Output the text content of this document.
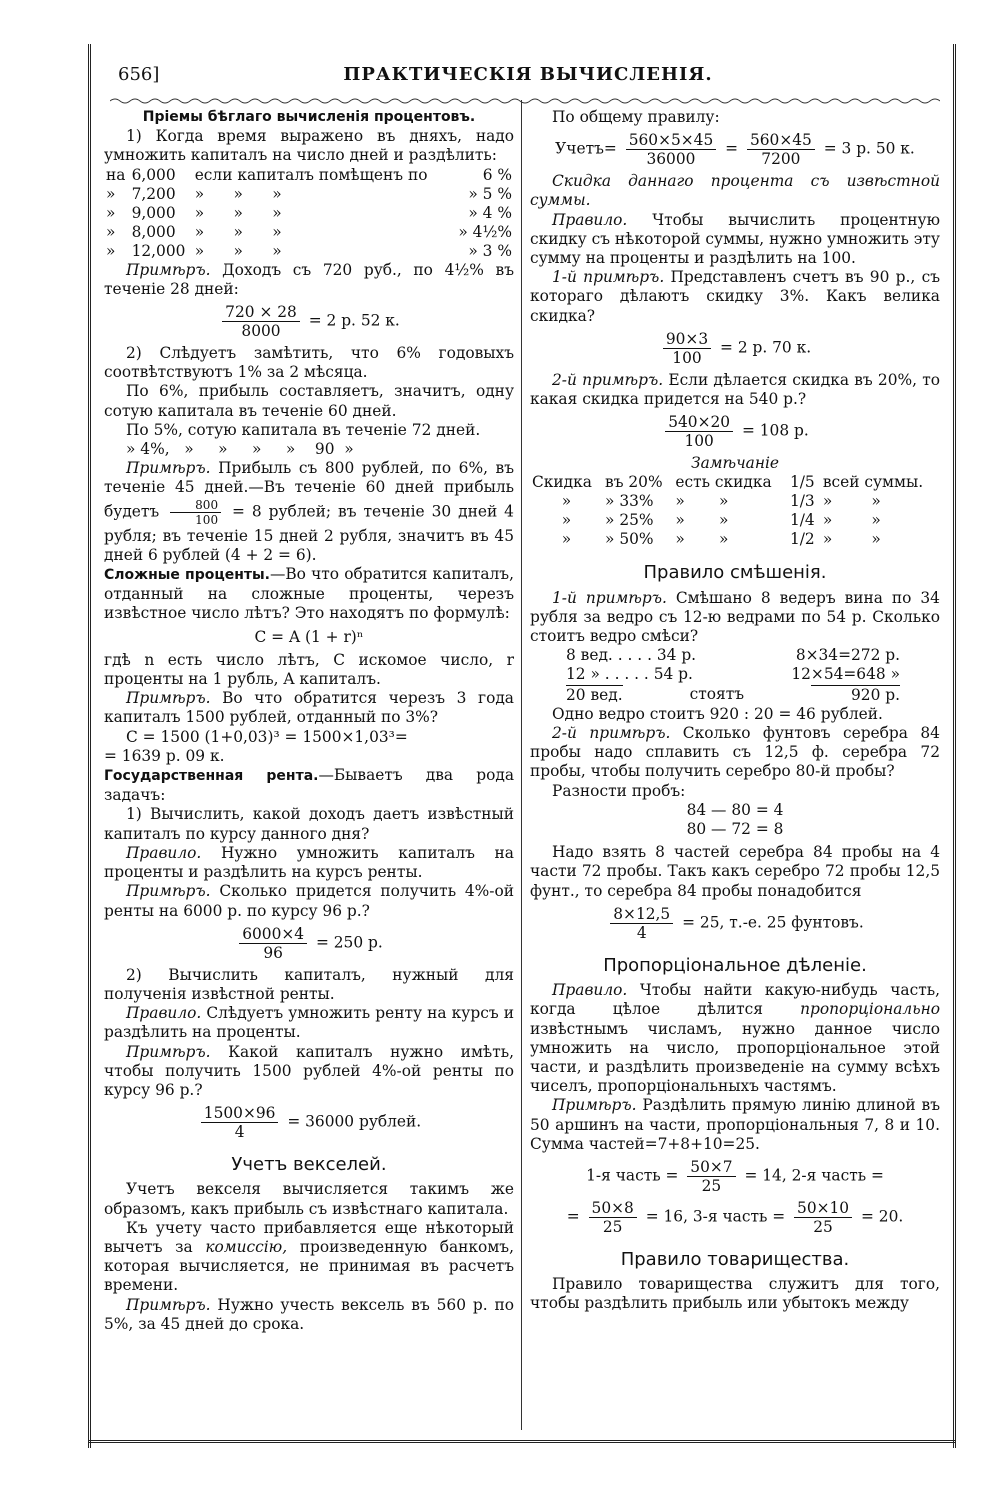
656]	ПРАКТИЧЕСКІЯ ВЫЧИСЛЕНІЯ.

Пріемы бѣглаго вычисленія процентовъ.

1) Когда время выражено въ дняхъ, надо умножить капиталъ на число дней и раздѣлить:

на	6,000	если капиталъ помѣщенъ по	6 %
»	7,200	»      »      »	» 5 %
»	9,000	»      »      »	» 4 %
»	8,000	»      »      »	» 4½%
»	12,000	»      »      »	» 3 %

Примѣръ. Доходъ съ 720 руб., по 4½% въ теченіе 28 дней:

$\frac{720 \times 28}{8000} = 2$ р. 52 к.

2) Слѣдуетъ замѣтить, что 6% годовыхъ соотвѣтствуютъ 1% за 2 мѣсяца.

По 6%, прибыль составляетъ, значитъ, одну сотую капитала въ теченіе 60 дней.

По 5%, сотую капитала въ теченіе 72 дней.

» 4%,   »     »     »     »    90  »

Примѣръ. Прибыль съ 800 рублей, по 6%, въ теченіе 45 дней.—Въ теченіе 60 дней прибыль будетъ $\frac{800}{100} = 8$ рублей; въ теченіе 30 дней 4 рубля; въ теченіе 15 дней 2 рубля, значитъ въ 45 дней 6 рублей (4 + 2 = 6).

Сложные проценты.—Во что обратится капиталъ, отданный на сложные проценты, черезъ извѣстное число лѣтъ? Это находятъ по формулѣ:

C = A (1 + r)ⁿ

гдѣ n есть число лѣтъ, C искомое число, r проценты на 1 рубль, A капиталъ.

Примѣръ. Во что обратится черезъ 3 года капиталъ 1500 рублей, отданный по 3%?

C = 1500 (1+0,03)³ = 1500×1,03³=

= 1639 р. 09 к.

Государственная рента.—Бываетъ два рода задачъ:

1) Вычислить, какой доходъ даетъ извѣстный капиталъ по курсу данного дня?

Правило. Нужно умножить капиталъ на проценты и раздѣлить на курсъ ренты.

Примѣръ. Сколько придется получить 4%-ой ренты на 6000 р. по курсу 96 р.?

$\frac{6000\times 4}{96} = 250$ р.

2) Вычислить капиталъ, нужный для полученія извѣстной ренты.

Правило. Слѣдуетъ умножить ренту на курсъ и раздѣлить на проценты.

Примѣръ. Какой капиталъ нужно имѣть, чтобы получить 1500 рублей 4%-ой ренты по курсу 96 р.?

$\frac{1500\times 96}{4} = 36000$ рублей.

Учетъ векселей.

Учетъ векселя вычисляется такимъ же образомъ, какъ прибыль съ извѣстнаго капитала.

Къ учету часто прибавляется еще нѣкоторый вычетъ за комиссію, произведенную банкомъ, которая вычисляется, не принимая въ расчетъ времени.

Примѣръ. Нужно учесть вексель въ 560 р. по 5%, за 45 дней до срока.

По общему правилу:

Учетъ= $\frac{560\times 5\times 45}{36000} = \frac{560\times 45}{7200} = 3$ р. 50 к.

Скидка даннаго процента съ извѣстной суммы.

Правило. Чтобы вычислить процентную скидку съ нѣкоторой суммы, нужно умножить эту сумму на проценты и раздѣлить на 100.

1-й примѣръ. Представленъ счетъ въ 90 р., съ котораго дѣлаютъ скидку 3%. Какъ велика скидка?

$\frac{90\times 3}{100} = 2$ р. 70 к.

2-й примѣръ. Если дѣлается скидка въ 20%, то какая скидка придется на 540 р.?

$\frac{540\times 20}{100} = 108$ р.

Замѣчаніе

Скидка	въ 20%	есть скидка	1/5	всей суммы.
»	» 33%	»       »	1/3	»        »
»	» 25%	»       »	1/4	»        »
»	» 50%	»       »	1/2	»        »

Правило смѣшенія.

1-й примѣръ. Смѣшано 8 ведеръ вина по 34 рубля за ведро съ 12-ю ведрами по 54 р. Сколько стоитъ ведро смѣси?

8 вед. . . . . 34 р.	8×34=272 р.
12 » . . . . . 54 р.	12×54=648 »
20 вед.	стоятъ	920 р.

Одно ведро стоитъ 920 : 20 = 46 рублей.

2-й примѣръ. Сколько фунтовъ серебра 84 пробы надо сплавить съ 12,5 ф. серебра 72 пробы, чтобы получить серебро 80-й пробы?

Разности пробъ:

84 — 80 = 4
80 — 72 = 8

Надо взять 8 частей серебра 84 пробы на 4 части 72 пробы. Такъ какъ серебро 72 пробы 12,5 фунт., то серебра 84 пробы понадобится

$\frac{8\times 12,5}{4} = 25$, т.-е. 25 фунтовъ.

Пропорціональное дѣленіе.

Правило. Чтобы найти какую-нибудь часть, когда цѣлое дѣлится пропорціонально извѣстнымъ числамъ, нужно данное число умножить на число, пропорціональное этой части, и раздѣлить произведеніе на сумму всѣхъ чиселъ, пропорціональныхъ частямъ.

Примѣръ. Раздѣлить прямую линію длиной въ 50 аршинъ на части, пропорціональныя 7, 8 и 10. Сумма частей=7+8+10=25.

1-я часть = $\frac{50\times 7}{25} = 14$, 2-я часть =
= $\frac{50\times 8}{25} = 16$, 3-я часть = $\frac{50\times 10}{25} = 20$.

Правило товарищества.

Правило товарищества служитъ для того, чтобы раздѣлить прибыль или убытокъ между
